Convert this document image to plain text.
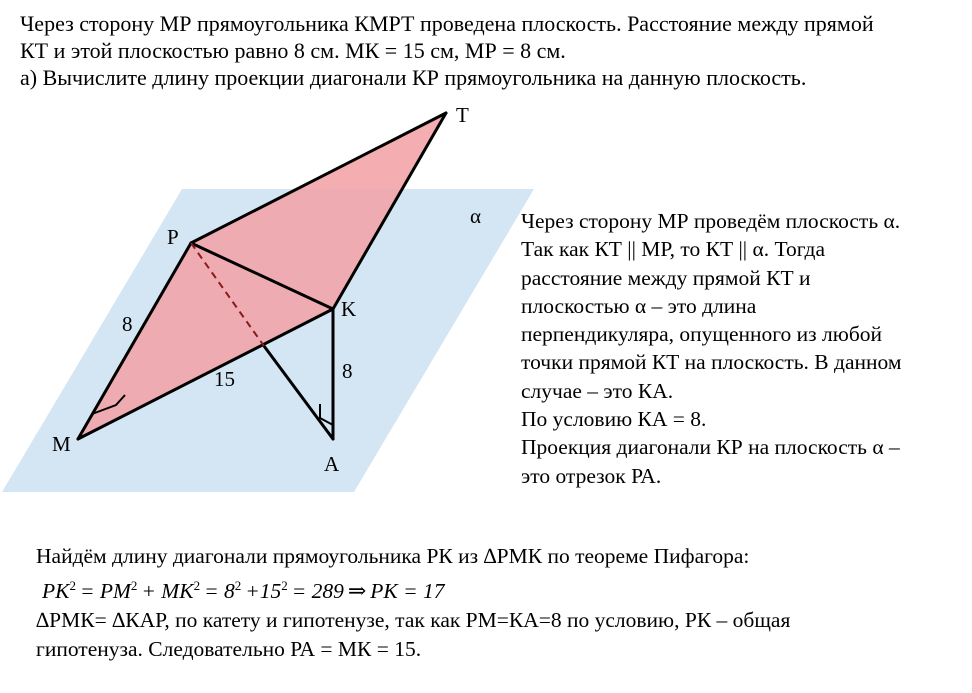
Через сторону МР прямоугольника КМРТ проведена плоскость. Расстояние между прямой
КТ и этой плоскостью равно 8 см. МК = 15 см, МР = 8 см.
а) Вычислите длину проекции диагонали КР прямоугольника на данную плоскость.
T
P
K
M
A
α
8
15	8
Через сторону МР проведём плоскость α.
Так как КТ || МР, то КТ || α. Тогда
расстояние между прямой КТ и
плоскостью α – это длина
перпендикуляра, опущенного из любой
точки прямой КТ на плоскость. В данном
случае – это КА.
По условию КА = 8.
Проекция диагонали КР на плоскость α –
это отрезок РА.
Найдём длину диагонали прямоугольника РК из ∆РМК по теореме Пифагора:
$PK^2 = PM^2 + MK^2 = 8^2 +15^2 = 289$ ⇒ PK = 17
∆РМК= ∆КАР, по катету и гипотенузе, так как РМ=КА=8 по условию, РК – общая
гипотенуза. Следовательно РА = МК = 15.
